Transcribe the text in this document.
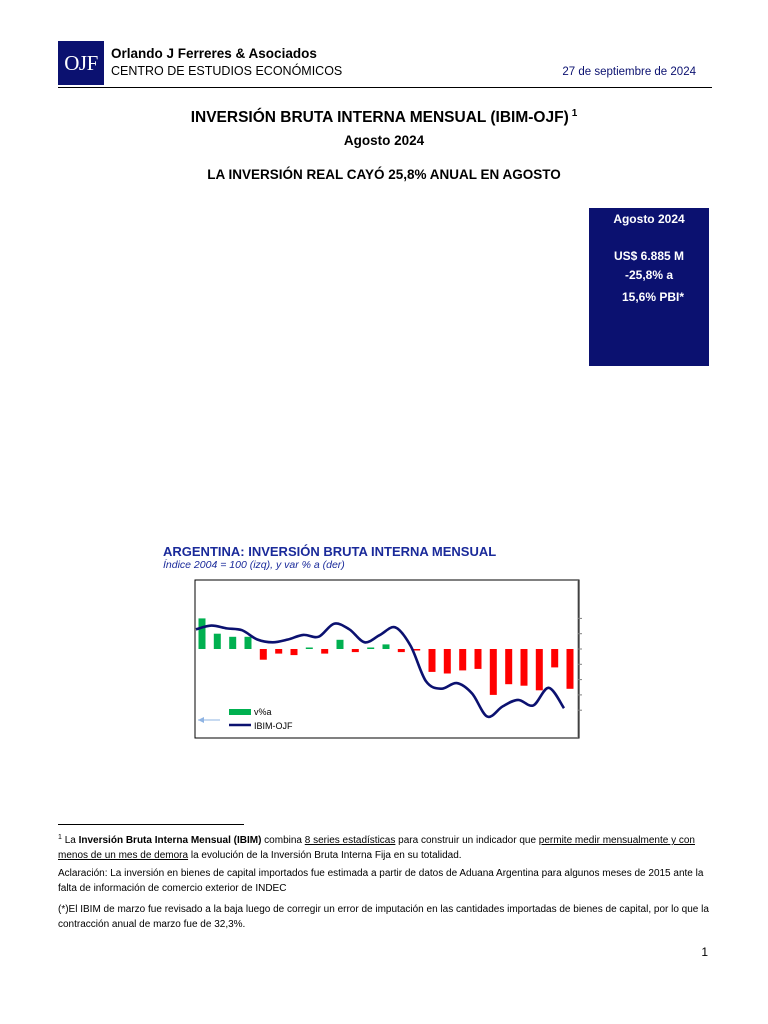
OJF Orlando J Ferreres & Asociados
CENTRO DE ESTUDIOS ECONÓMICOS	27 de septiembre de 2024
INVERSIÓN BRUTA INTERNA MENSUAL (IBIM-OJF) $^1$
Agosto 2024
LA INVERSIÓN REAL CAYÓ 25,8% ANUAL EN AGOSTO
Agosto 2024
US$ 6.885 M
-25,8% a
15,6% PBI*
ARGENTINA: INVERSIÓN BRUTA INTERNA MENSUAL
Índice 2004 = 100 (izq), y var % a (der)
v%a
IBIM-OJF
$^1$ La Inversión Bruta Interna Mensual (IBIM) combina 8 series estadísticas para construir un indicador que permite medir mensualmente y con menos de un mes de demora la evolución de la Inversión Bruta Interna Fija en su totalidad.
Aclaración: La inversión en bienes de capital importados fue estimada a partir de datos de Aduana Argentina para algunos meses de 2015 ante la falta de información de comercio exterior de INDEC
(*)El IBIM de marzo fue revisado a la baja luego de corregir un error de imputación en las cantidades importadas de bienes de capital, por lo que la contracción anual de marzo fue de 32,3%.
1
